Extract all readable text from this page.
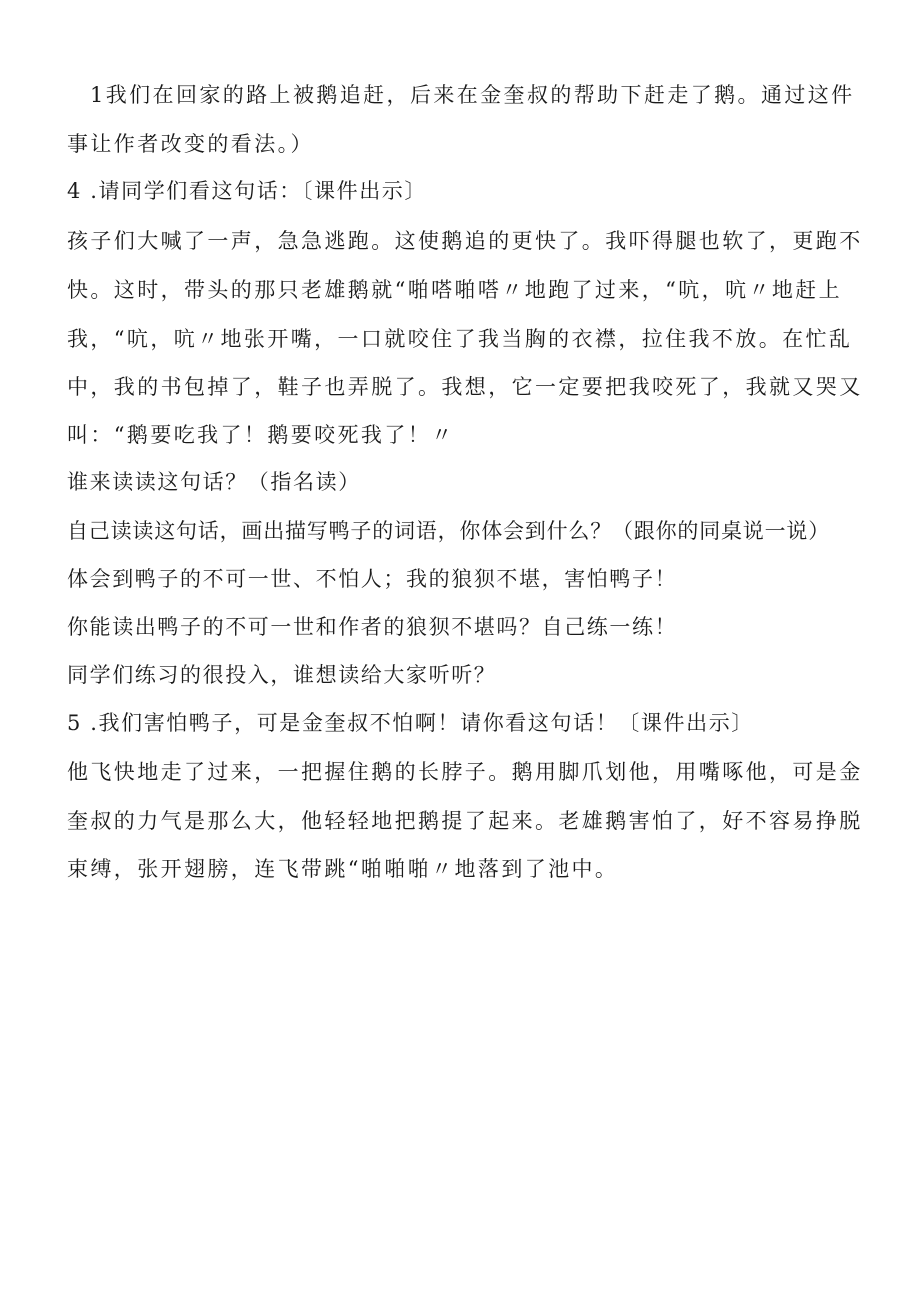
1我们在回家的路上被鹅追赶，后来在金奎叔的帮助下赶走了鹅。通过这件
事让作者改变的看法。）
4 .请同学们看这句话：〔课件出示〕
孩子们大喊了一声，急急逃跑。这使鹅追的更快了。我吓得腿也软了，更跑不
快。这时，带头的那只老雄鹅就“啪嗒啪嗒〃地跑了过来，“吭，吭〃地赶上
我，“吭，吭〃地张开嘴，一口就咬住了我当胸的衣襟，拉住我不放。在忙乱
中，我的书包掉了，鞋子也弄脱了。我想，它一定要把我咬死了，我就又哭又
叫：“鹅要吃我了！鹅要咬死我了！〃
谁来读读这句话？（指名读）
自己读读这句话，画出描写鸭子的词语，你体会到什么？（跟你的同桌说一说）
体会到鸭子的不可一世、不怕人；我的狼狈不堪，害怕鸭子！
你能读出鸭子的不可一世和作者的狼狈不堪吗？自己练一练！
同学们练习的很投入，谁想读给大家听听？
5 .我们害怕鸭子，可是金奎叔不怕啊！请你看这句话！〔课件出示〕
他飞快地走了过来，一把握住鹅的长脖子。鹅用脚爪划他，用嘴啄他，可是金
奎叔的力气是那么大，他轻轻地把鹅提了起来。老雄鹅害怕了，好不容易挣脱
束缚，张开翅膀，连飞带跳“啪啪啪〃地落到了池中。
